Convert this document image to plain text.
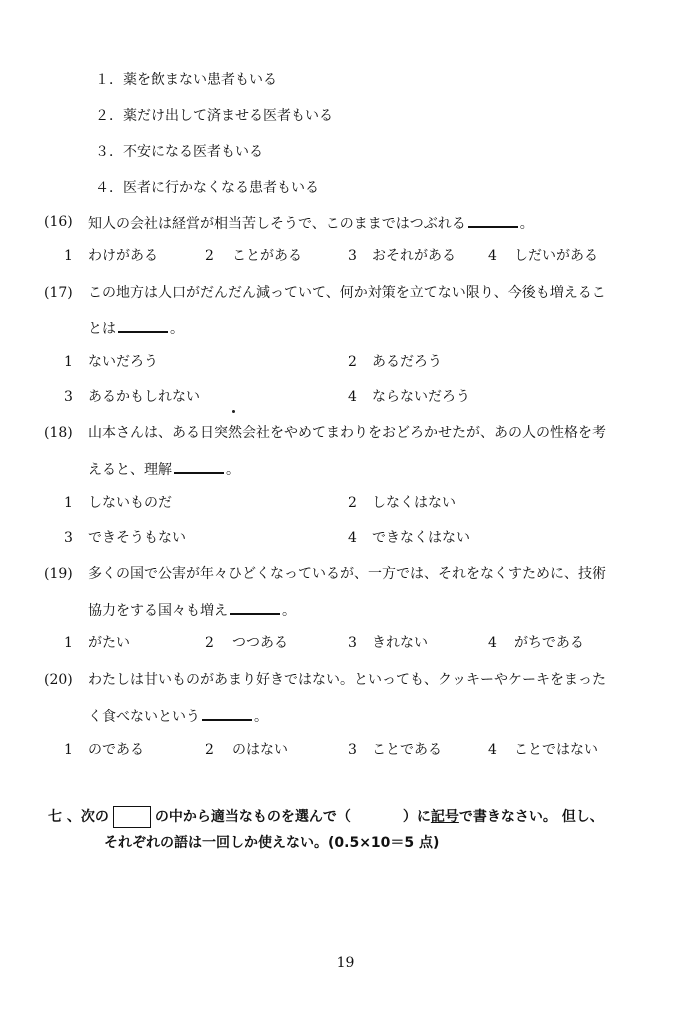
１．薬を飲まない患者もいる
２．薬だけ出して済ませる医者もいる
３．不安になる医者もいる
４．医者に行かなくなる患者もいる
(16) 知人の会社は経営が相当苦しそうで、このままではつぶれる	。
1 わけがある	2 ことがある	3 おそれがある 4 しだいがある
(17) この地方は人口がだんだん減っていて、何か対策を立てない限り、今後も増えるこ
とは	。
1 ないだろう	2 あるだろう
3 あるかもしれない	4 ならないだろう
(18) 山本さんは、ある日突然会社をやめてまわりをおどろかせたが、あの人の性格を考
えると、理解	。
1 しないものだ	2 しなくはない
3 できそうもない	4 できなくはない
(19) 多くの国で公害が年々ひどくなっているが、一方では、それをなくすために、技術
協力をする国々も増え	。
1 がたい	2 つつある	3 きれない	4 がちである
(20) わたしは甘いものがあまり好きではない。といっても、クッキーやケーキをまった
く食べないという	。
1 のである	2 のはない	3 ことである	4 ことではない
七 、次の	の中から適当なものを選んで（	）に記号で書きなさい。 但し、
それぞれの語は一回しか使えない。(0.5×10＝5 点)
19
